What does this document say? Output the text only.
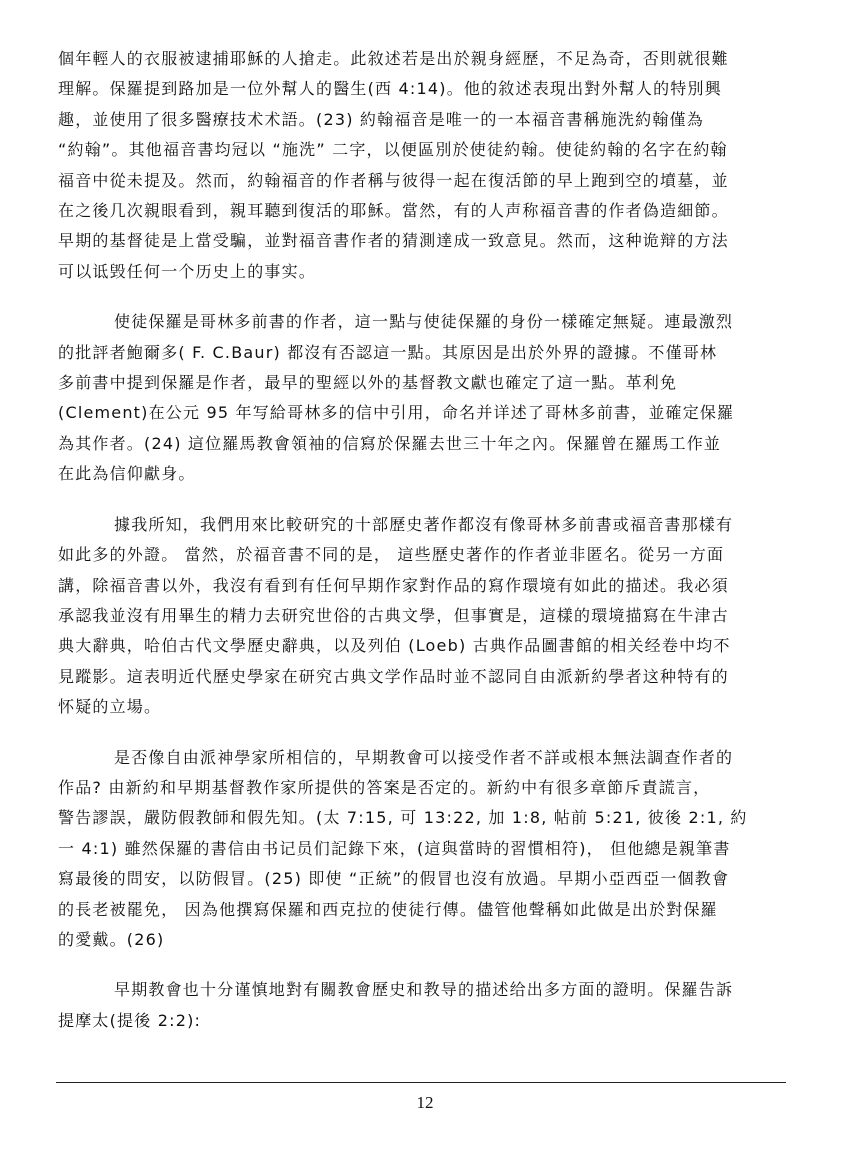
個年輕人的衣服被逮捕耶穌的人搶走。此敘述若是出於親身經歷，不足為奇，否則就很難
理解。保羅提到路加是一位外幫人的醫生(西 4:14)。他的敘述表現出對外幫人的特別興
趣，並使用了很多醫療技术术語。(23) 約翰福音是唯一的一本福音書稱施洗約翰僅為
“約翰”。其他福音書均冠以 “施洗” 二字，以便區別於使徒約翰。使徒約翰的名字在約翰
福音中從未提及。然而，約翰福音的作者稱与彼得一起在復活節的早上跑到空的墳墓，並
在之後几次親眼看到，親耳聽到復活的耶穌。當然，有的人声称福音書的作者偽造細節。
早期的基督徒是上當受騙，並對福音書作者的猜測達成一致意見。然而，这种诡辩的方法
可以诋毁任何一个历史上的事实。

使徒保羅是哥林多前書的作者，這一點与使徒保羅的身份一樣確定無疑。連最激烈
的批評者鮑爾多( F. C.Baur) 都沒有否認這一點。其原因是出於外界的證據。不僅哥林
多前書中提到保羅是作者，最早的聖經以外的基督教文獻也確定了這一點。革利免
(Clement)在公元 95 年写給哥林多的信中引用，命名并详述了哥林多前書，並確定保羅
為其作者。(24) 這位羅馬教會領袖的信寫於保羅去世三十年之內。保羅曾在羅馬工作並
在此為信仰獻身。

據我所知，我們用來比較研究的十部歷史著作都沒有像哥林多前書或福音書那樣有
如此多的外證。 當然，於福音書不同的是， 這些歷史著作的作者並非匿名。從另一方面
講，除福音書以外，我沒有看到有任何早期作家對作品的寫作環境有如此的描述。我必須
承認我並沒有用畢生的精力去研究世俗的古典文學，但事實是，這樣的環境描寫在牛津古
典大辭典，哈伯古代文學歷史辭典，以及列伯 (Loeb) 古典作品圖書館的相关经卷中均不
見蹤影。這表明近代歷史學家在研究古典文学作品时並不認同自由派新約學者这种特有的
怀疑的立場。

是否像自由派神學家所相信的，早期教會可以接受作者不詳或根本無法調查作者的
作品? 由新約和早期基督教作家所提供的答案是否定的。新約中有很多章節斥責謊言，
警告謬誤，嚴防假教師和假先知。(太 7:15, 可 13:22, 加 1:8, 帖前 5:21, 彼後 2:1, 約
一 4:1) 雖然保羅的書信由书记员们記錄下來，(這與當時的習慣相符)， 但他總是親筆書
寫最後的問安，以防假冒。(25) 即使 “正統”的假冒也沒有放過。早期小亞西亞一個教會
的長老被罷免， 因為他撰寫保羅和西克拉的使徒行傳。儘管他聲稱如此做是出於對保羅
的愛戴。(26)

早期教會也十分谨慎地對有關教會歷史和教导的描述给出多方面的證明。保羅告訴
提摩太(提後 2:2):

12
